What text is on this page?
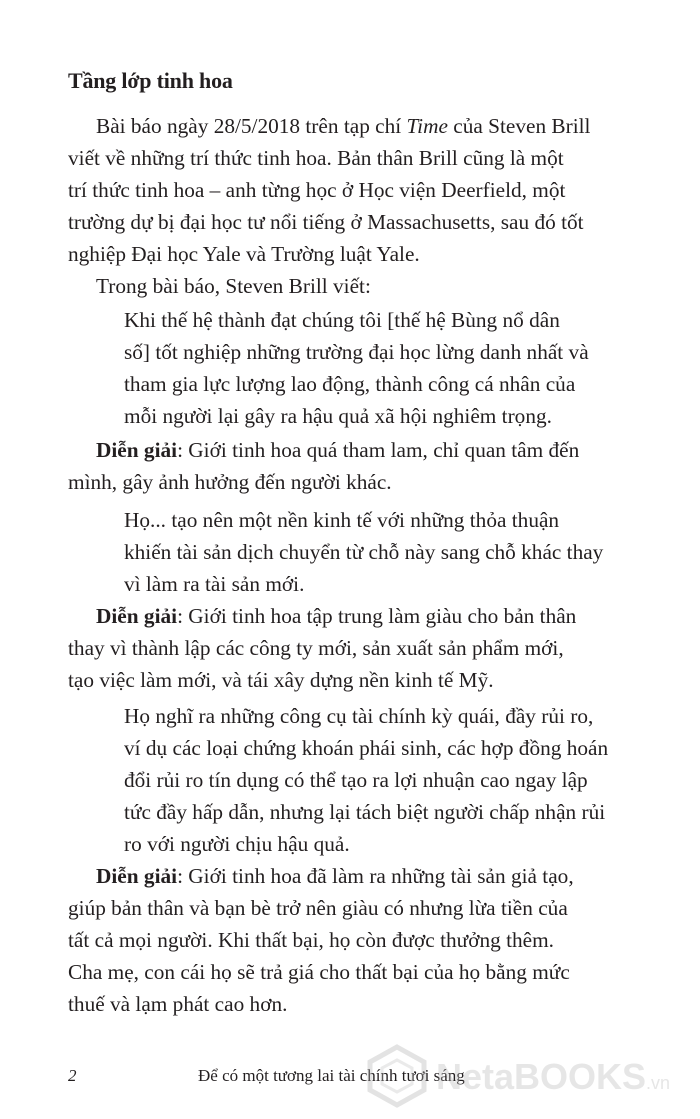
Tầng lớp tinh hoa
Bài báo ngày 28/5/2018 trên tạp chí Time của Steven Brill
viết về những trí thức tinh hoa. Bản thân Brill cũng là một
trí thức tinh hoa – anh từng học ở Học viện Deerfield, một
trường dự bị đại học tư nổi tiếng ở Massachusetts, sau đó tốt
nghiệp Đại học Yale và Trường luật Yale.
Trong bài báo, Steven Brill viết:
Khi thế hệ thành đạt chúng tôi [thế hệ Bùng nổ dân
số] tốt nghiệp những trường đại học lừng danh nhất và
tham gia lực lượng lao động, thành công cá nhân của
mỗi người lại gây ra hậu quả xã hội nghiêm trọng.
Diễn giải: Giới tinh hoa quá tham lam, chỉ quan tâm đến
mình, gây ảnh hưởng đến người khác.
Họ... tạo nên một nền kinh tế với những thỏa thuận
khiến tài sản dịch chuyển từ chỗ này sang chỗ khác thay
vì làm ra tài sản mới.
Diễn giải: Giới tinh hoa tập trung làm giàu cho bản thân
thay vì thành lập các công ty mới, sản xuất sản phẩm mới,
tạo việc làm mới, và tái xây dựng nền kinh tế Mỹ.
Họ nghĩ ra những công cụ tài chính kỳ quái, đầy rủi ro,
ví dụ các loại chứng khoán phái sinh, các hợp đồng hoán
đổi rủi ro tín dụng có thể tạo ra lợi nhuận cao ngay lập
tức đầy hấp dẫn, nhưng lại tách biệt người chấp nhận rủi
ro với người chịu hậu quả.
Diễn giải: Giới tinh hoa đã làm ra những tài sản giả tạo,
giúp bản thân và bạn bè trở nên giàu có nhưng lừa tiền của
tất cả mọi người. Khi thất bại, họ còn được thưởng thêm.
Cha mẹ, con cái họ sẽ trả giá cho thất bại của họ bằng mức
thuế và lạm phát cao hơn.
2	Để có một tương lai tài chính tươi sáng
NetaBOOKS.vn
